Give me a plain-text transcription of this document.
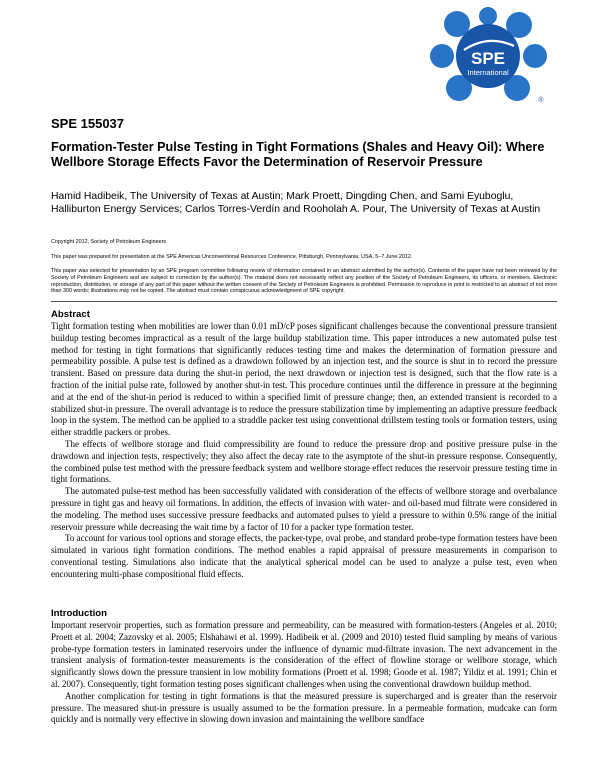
SPE
International
®
SPE 155037
Formation-Tester Pulse Testing in Tight Formations (Shales and Heavy Oil): Where Wellbore Storage Effects Favor the Determination of Reservoir Pressure
Hamid Hadibeik, The University of Texas at Austin; Mark Proett, Dingding Chen, and Sami Eyuboglu, Halliburton Energy Services; Carlos Torres-Verdín and Rooholah A. Pour, The University of Texas at Austin
Copyright 2012, Society of Petroleum Engineers
This paper was prepared for presentation at the SPE Americas Unconventional Resources Conference, Pittsburgh, Pennsylvania, USA, 5–7 June 2012.
This paper was selected for presentation by an SPE program committee following review of information contained in an abstract submitted by the author(s). Contents of the paper have not been reviewed by the Society of Petroleum Engineers and are subject to correction by the author(s). The material does not necessarily reflect any position of the Society of Petroleum Engineers, its officers, or members. Electronic reproduction, distribution, or storage of any part of this paper without the written consent of the Society of Petroleum Engineers is prohibited. Permission to reproduce in print is restricted to an abstract of not more than 300 words; illustrations may not be copied. The abstract must contain conspicuous acknowledgment of SPE copyright.
Abstract

Tight formation testing when mobilities are lower than 0.01 mD/cP poses significant challenges because the conventional pressure transient buildup testing becomes impractical as a result of the large buildup stabilization time. This paper introduces a new automated pulse test method for testing in tight formations that significantly reduces testing time and makes the determination of formation pressure and permeability possible. A pulse test is defined as a drawdown followed by an injection test, and the source is shut in to record the pressure transient. Based on pressure data during the shut-in period, the next drawdown or injection test is designed, such that the flow rate is a fraction of the initial pulse rate, followed by another shut-in test. This procedure continues until the difference in pressure at the beginning and at the end of the shut-in period is reduced to within a specified limit of pressure change; then, an extended transient is recorded to a stabilized shut-in pressure. The overall advantage is to reduce the pressure stabilization time by implementing an adaptive pressure feedback loop in the system. The method can be applied to a straddle packer test using conventional drillstem testing tools or formation testers, using either straddle packers or probes.

The effects of wellbore storage and fluid compressibility are found to reduce the pressure drop and positive pressure pulse in the drawdown and injection tests, respectively; they also affect the decay rate to the asymptote of the shut-in pressure response. Consequently, the combined pulse test method with the pressure feedback system and wellbore storage effect reduces the reservoir pressure testing time in tight formations.

The automated pulse-test method has been successfully validated with consideration of the effects of wellbore storage and overbalance pressure in tight gas and heavy oil formations. In addition, the effects of invasion with water- and oil-based mud filtrate were considered in the modeling. The method uses successive pressure feedbacks and automated pulses to yield a pressure to within 0.5% range of the initial reservoir pressure while decreasing the wait time by a factor of 10 for a packer type formation tester.

To account for various tool options and storage effects, the packer-type, oval probe, and standard probe-type formation testers have been simulated in various tight formation conditions. The method enables a rapid appraisal of pressure measurements in comparison to conventional testing. Simulations also indicate that the analytical spherical model can be used to analyze a pulse test, even when encountering multi-phase compositional fluid effects.

Introduction

Important reservoir properties, such as formation pressure and permeability, can be measured with formation-testers (Angeles et al. 2010; Proett et al. 2004; Zazovsky et al. 2005; Elshahawi et al. 1999). Hadibeik et al. (2009 and 2010) tested fluid sampling by means of various probe-type formation testers in laminated reservoirs under the influence of dynamic mud-filtrate invasion. The next advancement in the transient analysis of formation-tester measurements is the consideration of the effect of flowline storage or wellbore storage, which significantly slows down the pressure transient in low mobility formations (Proett et al. 1998; Goode et al. 1987; Yildiz et al. 1991; Chin et al. 2007). Consequently, tight formation testing poses significant challenges when using the conventional drawdown buildup method.

Another complication for testing in tight formations is that the measured pressure is supercharged and is greater than the reservoir pressure. The measured shut-in pressure is usually assumed to be the formation pressure. In a permeable formation, mudcake can form quickly and is normally very effective in slowing down invasion and maintaining the wellbore sandface
